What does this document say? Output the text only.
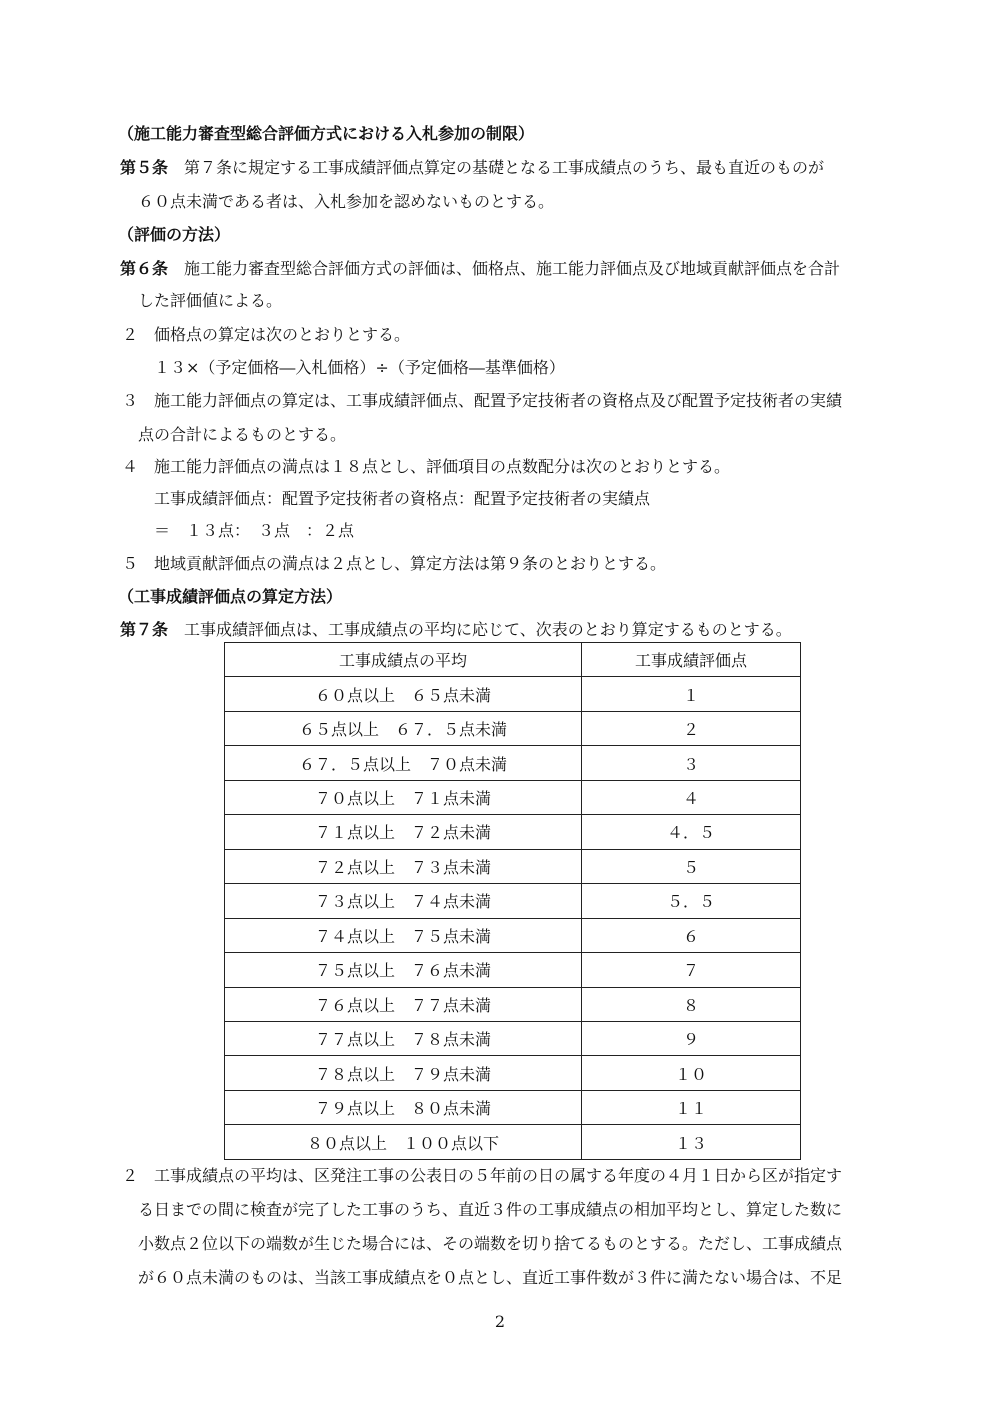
（施工能力審査型総合評価方式における入札参加の制限）
第５条 第７条に規定する工事成績評価点算定の基礎となる工事成績点のうち、最も直近のものが
６０点未満である者は、入札参加を認めないものとする。
（評価の方法）
第６条 施工能力審査型総合評価方式の評価は、価格点、施工能力評価点及び地域貢献評価点を合計
した評価値による。
２ 価格点の算定は次のとおりとする。
１３×（予定価格―入札価格）÷（予定価格―基準価格）
３ 施工能力評価点の算定は、工事成績評価点、配置予定技術者の資格点及び配置予定技術者の実績
点の合計によるものとする。
４ 施工能力評価点の満点は１８点とし、評価項目の点数配分は次のとおりとする。
工事成績評価点：配置予定技術者の資格点：配置予定技術者の実績点
＝　１３点：　３点　：２点
５ 地域貢献評価点の満点は２点とし、算定方法は第９条のとおりとする。
（工事成績評価点の算定方法）
第７条 工事成績評価点は、工事成績点の平均に応じて、次表のとおり算定するものとする。
工事成績点の平均	工事成績評価点
６０点以上　６５点未満	１
６５点以上　６７．５点未満	２
６７．５点以上　７０点未満	３
７０点以上　７１点未満	４
７１点以上　７２点未満	４．５
７２点以上　７３点未満	５
７３点以上　７４点未満	５．５
７４点以上　７５点未満	６
７５点以上　７６点未満	７
７６点以上　７７点未満	８
７７点以上　７８点未満	９
７８点以上　７９点未満	１０
７９点以上　８０点未満	１１
８０点以上　１００点以下	１３
２ 工事成績点の平均は、区発注工事の公表日の５年前の日の属する年度の４月１日から区が指定す
る日までの間に検査が完了した工事のうち、直近３件の工事成績点の相加平均とし、算定した数に
小数点２位以下の端数が生じた場合には、その端数を切り捨てるものとする。ただし、工事成績点
が６０点未満のものは、当該工事成績点を０点とし、直近工事件数が３件に満たない場合は、不足
2
